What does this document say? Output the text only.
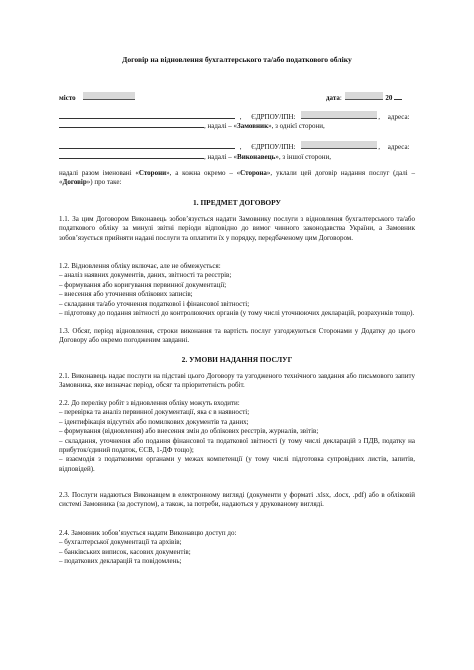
Договір на відновлення бухгалтерського та/або податкового обліку
місто	дата:	20
, ЄДРПОУ/ІПН:	, адреса:
, надалі – «Замовник», з однієї сторони,
, ЄДРПОУ/ІПН:	, адреса:
, надалі – «Виконавець», з іншої сторони,

надалі разом іменовані «Сторони», а кожна окремо – «Сторона», уклали цей договір надання послуг (далі – «Договір») про таке:

1. ПРЕДМЕТ ДОГОВОРУ

1.1. За цим Договором Виконавець зобов’язується надати Замовнику послуги з відновлення бухгалтерського та/або податкового обліку за минулі звітні періоди відповідно до вимог чинного законодавства України, а Замовник зобов’язується прийняти надані послуги та оплатити їх у порядку, передбаченому цим Договором.

1.2. Відновлення обліку включає, але не обмежується:

– аналіз наявних документів, даних, звітності та реєстрів;

– формування або коригування первинної документації;

– внесення або уточнення облікових записів;

– складання та/або уточнення податкової і фінансової звітності;

– підготовку до подання звітності до контролюючих органів (у тому числі уточнюючих декларацій, розрахунків тощо).

1.3. Обсяг, період відновлення, строки виконання та вартість послуг узгоджуються Сторонами у Додатку до цього Договору або окремо погодженим завданні.

2. УМОВИ НАДАННЯ ПОСЛУГ

2.1. Виконавець надає послуги на підставі цього Договору та узгодженого технічного завдання або письмового запиту Замовника, яке визначає період, обсяг та пріоритетність робіт.

2.2. До переліку робіт з відновлення обліку можуть входити:

– перевірка та аналіз первинної документації, яка є в наявності;

– ідентифікація відсутніх або помилкових документів та даних;

– формування (відновлення) або внесення змін до облікових реєстрів, журналів, звітів;

– складання, уточнення або подання фінансової та податкової звітності (у тому числі декларацій з ПДВ, податку на прибуток/єдиний податок, ЄСВ, 1-ДФ тощо);

– взаємодія з податковими органами у межах компетенції (у тому числі підготовка супровідних листів, запитів, відповідей).

2.3. Послуги надаються Виконавцем в електронному вигляді (документи у форматі .xlsx, .docx, .pdf) або в обліковій системі Замовника (за доступом), а також, за потреби, надаються у друкованому вигляді.

2.4. Замовник зобов’язується надати Виконавцю доступ до:

– бухгалтерської документації та архівів;

– банківських виписок, касових документів;

– податкових декларацій та повідомлень;
